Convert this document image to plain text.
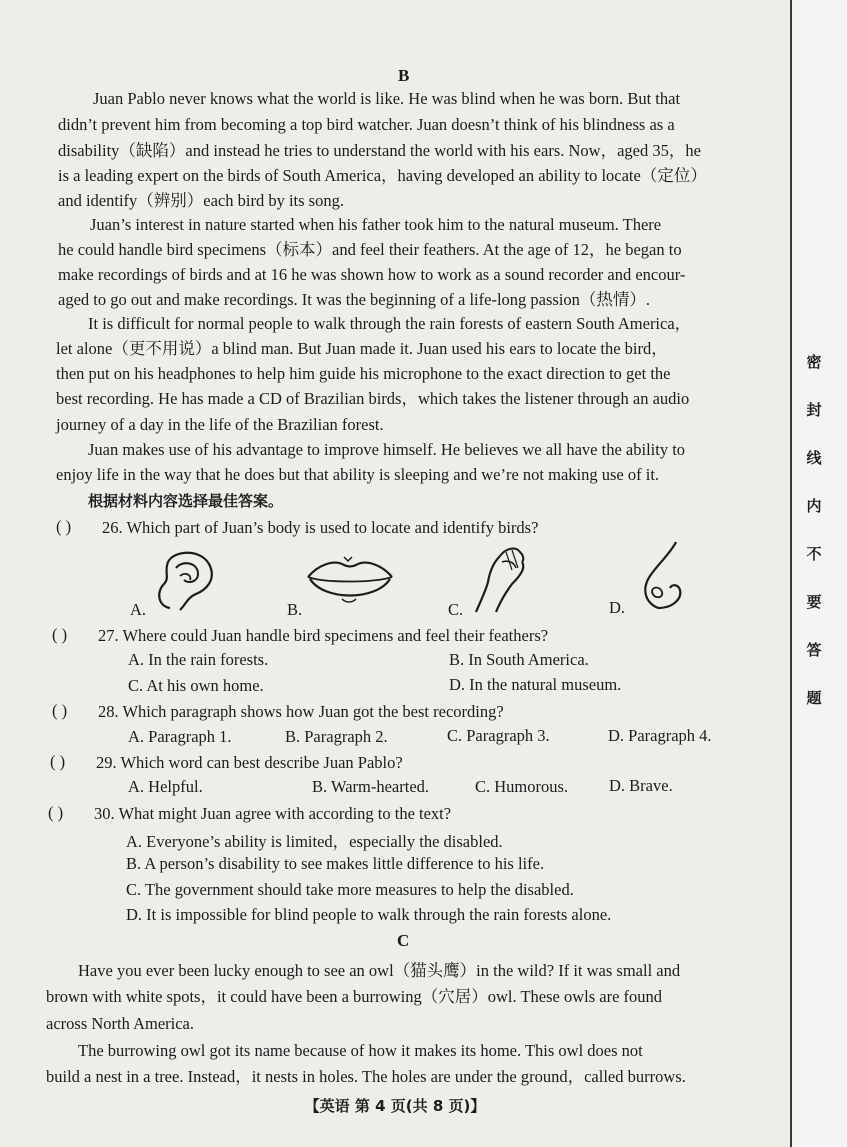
B
Juan Pablo never knows what the world is like. He was blind when he was born. But that
didn’t prevent him from becoming a top bird watcher. Juan doesn’t think of his blindness as a
disability（缺陷）and instead he tries to understand the world with his ears. Now，aged 35，he
is a leading expert on the birds of South America，having developed an ability to locate（定位）
and identify（辨别）each bird by its song.
Juan’s interest in nature started when his father took him to the natural museum. There
he could handle bird specimens（标本）and feel their feathers. At the age of 12，he began to
make recordings of birds and at 16 he was shown how to work as a sound recorder and encour-
aged to go out and make recordings. It was the beginning of a life-long passion（热情）.
It is difficult for normal people to walk through the rain forests of eastern South America，
let alone（更不用说）a blind man. But Juan made it. Juan used his ears to locate the bird，
then put on his headphones to help him guide his microphone to the exact direction to get the
best recording. He has made a CD of Brazilian birds，which takes the listener through an audio
journey of a day in the life of the Brazilian forest.
Juan makes use of his advantage to improve himself. He believes we all have the ability to
enjoy life in the way that he does but that ability is sleeping and we’re not making use of it.
根据材料内容选择最佳答案。
( ) 26. Which part of Juan’s body is used to locate and identify birds?
A.	B.	C.	D.
( ) 27. Where could Juan handle bird specimens and feel their feathers?
A. In the rain forests.	B. In South America.
C. At his own home.	D. In the natural museum.
( ) 28. Which paragraph shows how Juan got the best recording?
A. Paragraph 1.	B. Paragraph 2.	C. Paragraph 3.	D. Paragraph 4.
( ) 29. Which word can best describe Juan Pablo?
A. Helpful.	B. Warm-hearted.	C. Humorous. D. Brave.
( ) 30. What might Juan agree with according to the text?
A. Everyone’s ability is limited，especially the disabled.
B. A person’s disability to see makes little difference to his life.
C. The government should take more measures to help the disabled.
D. It is impossible for blind people to walk through the rain forests alone.
C
Have you ever been lucky enough to see an owl（猫头鹰）in the wild? If it was small and
brown with white spots，it could have been a burrowing（穴居）owl. These owls are found
across North America.
The burrowing owl got its name because of how it makes its home. This owl does not
build a nest in a tree. Instead，it nests in holes. The holes are under the ground，called burrows.
【英语 第 4 页(共 8 页)】
密
封
线
内
不
要
答
题
